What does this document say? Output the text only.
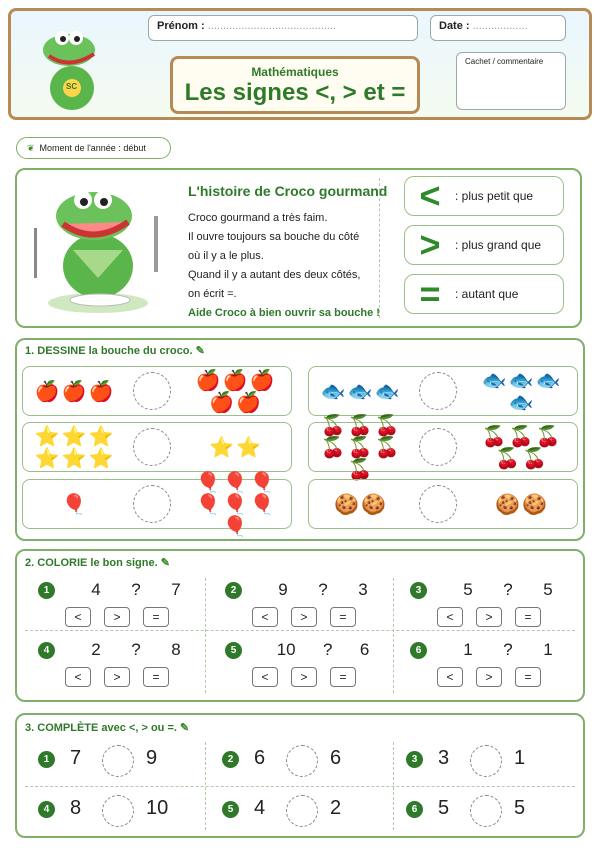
SC
Prénom : ..........................................	Date : ..................
Mathématiques
Les signes <, > et =
Cachet / commentaire
❦ Moment de l'année : début
L'histoire de Croco gourmand
Croco gourmand a très faim.
Il ouvre toujours sa bouche du côté
où il y a le plus.
Quand il y a autant des deux côtés,
on écrit =.
Aide Croco à bien ouvrir sa bouche !
<	: plus petit que
>	: plus grand que
=	: autant que
1. DESSINE la bouche du croco. ✎
🍎 🍎 🍎	🍎 🍎 🍎
🍎 🍎	🐟 🐟 🐟	🐟 🐟 🐟
🐟
⭐ ⭐ ⭐
⭐ ⭐ ⭐	⭐ ⭐
🍒 🍒 🍒
🍒 🍒 🍒
🍒
🍒 🍒 🍒
🍒 🍒
🎈
🎈 🎈 🎈
🎈 🎈 🎈
🎈
🍪 🍪	🍪 🍪
2. COLORIE le bon signe. ✎
1	4 ? 7
<	>	=
2	9 ? 3
<	>	=
3	5 ? 5
<	>	=
4	2 ? 8
<	>	=
5	10 ? 6
<	>	=
6	1 ? 1
<	>	=
3. COMPLÈTE avec <, > ou =. ✎
1 7	9	2 6	6	3 3	1
4 8	10	5 4	2	6 5	5
